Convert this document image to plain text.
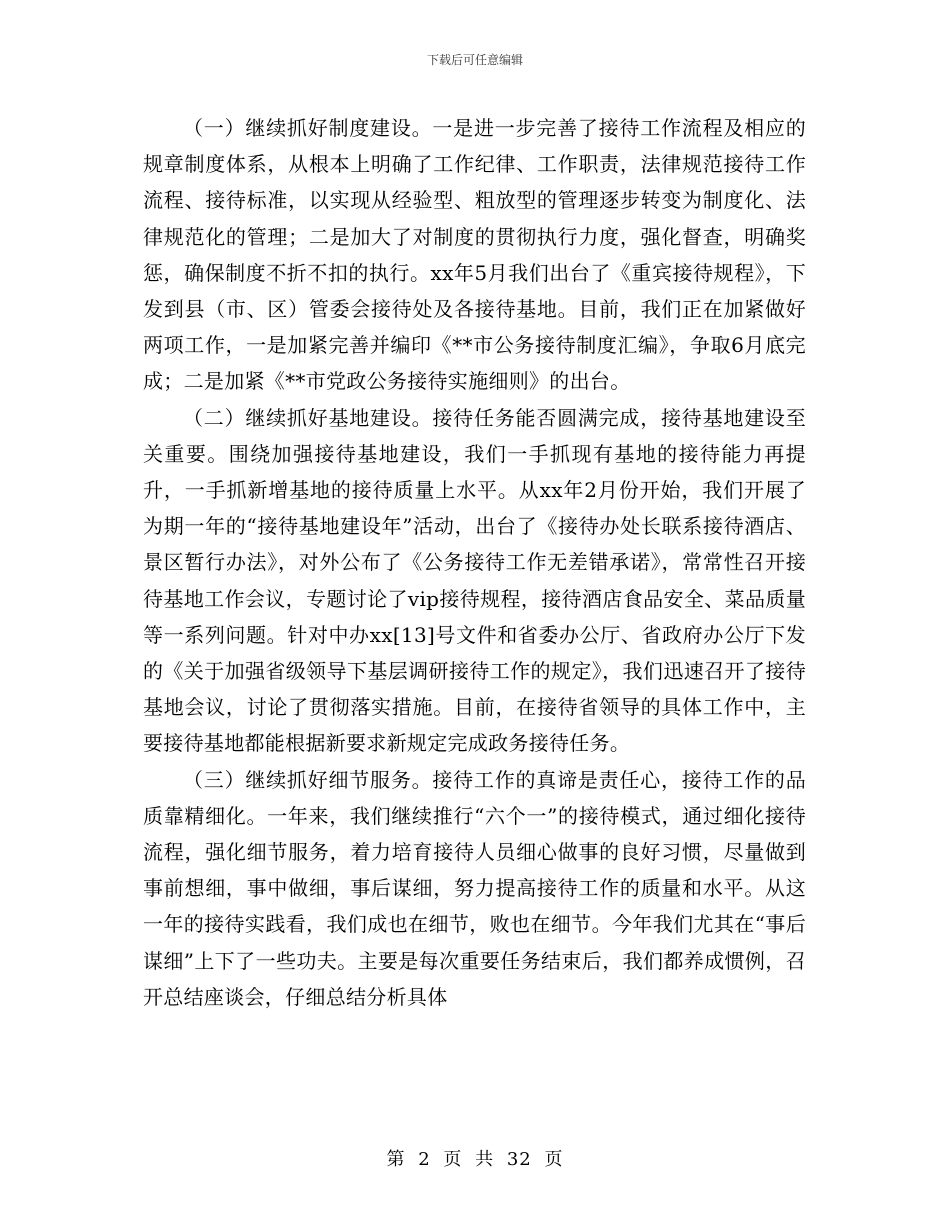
下载后可任意编辑

（一）继续抓好制度建设。一是进一步完善了接待工作流程及相应的规章制度体系，从根本上明确了工作纪律、工作职责，法律规范接待工作流程、接待标准，以实现从经验型、粗放型的管理逐步转变为制度化、法律规范化的管理；二是加大了对制度的贯彻执行力度，强化督查，明确奖惩，确保制度不折不扣的执行。xx年5月我们出台了《重宾接待规程》，下发到县（市、区）管委会接待处及各接待基地。目前，我们正在加紧做好两项工作，一是加紧完善并编印《**市公务接待制度汇编》，争取6月底完成；二是加紧《**市党政公务接待实施细则》的出台。

（二）继续抓好基地建设。接待任务能否圆满完成，接待基地建设至关重要。围绕加强接待基地建设，我们一手抓现有基地的接待能力再提升，一手抓新增基地的接待质量上水平。从xx年2月份开始，我们开展了为期一年的“接待基地建设年”活动，出台了《接待办处长联系接待酒店、景区暂行办法》，对外公布了《公务接待工作无差错承诺》，常常性召开接待基地工作会议，专题讨论了vip接待规程，接待酒店食品安全、菜品质量等一系列问题。针对中办xx[13]号文件和省委办公厅、省政府办公厅下发的《关于加强省级领导下基层调研接待工作的规定》，我们迅速召开了接待基地会议，讨论了贯彻落实措施。目前，在接待省领导的具体工作中，主要接待基地都能根据新要求新规定完成政务接待任务。

（三）继续抓好细节服务。接待工作的真谛是责任心，接待工作的品质靠精细化。一年来，我们继续推行“六个一”的接待模式，通过细化接待流程，强化细节服务，着力培育接待人员细心做事的良好习惯，尽量做到事前想细，事中做细，事后谋细，努力提高接待工作的质量和水平。从这一年的接待实践看，我们成也在细节，败也在细节。今年我们尤其在“事后谋细”上下了一些功夫。主要是每次重要任务结束后，我们都养成惯例，召开总结座谈会，仔细总结分析具体

第 2 页 共 32 页
